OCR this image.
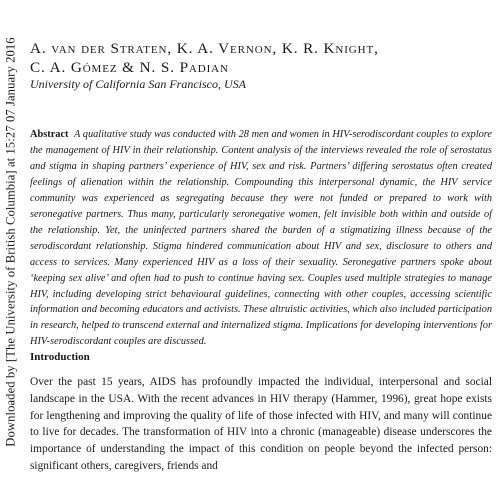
Downloaded by [The University of British Columbia] at 15:27 07 January 2016 A. van der Straten, K. A. Vernon, K. R. Knight,
C. A. Gómez & N. S. Padian
University of California San Francisco, USA

Abstract A qualitative study was conducted with 28 men and women in HIV-serodiscordant couples to explore the management of HIV in their relationship. Content analysis of the interviews revealed the role of serostatus and stigma in shaping partners’ experience of HIV, sex and risk. Partners’ differing serostatus often created feelings of alienation within the relationship. Compounding this interpersonal dynamic, the HIV service community was experienced as segregating because they were not funded or prepared to work with seronegative partners. Thus many, particularly seronegative women, felt invisible both within and outside of the relationship. Yet, the uninfected partners shared the burden of a stigmatizing illness because of the serodiscordant relationship. Stigma hindered communication about HIV and sex, disclosure to others and access to services. Many experienced HIV as a loss of their sexuality. Seronegative partners spoke about ‘keeping sex alive’ and often had to push to continue having sex. Couples used multiple strategies to manage HIV, including developing strict behavioural guidelines, connecting with other couples, accessing scientific information and becoming educators and activists. These altruistic activities, which also included participation in research, helped to transcend external and internalized stigma. Implications for developing interventions for HIV-serodiscordant couples are discussed.

Introduction

Over the past 15 years, AIDS has profoundly impacted the individual, interpersonal and social landscape in the USA. With the recent advances in HIV therapy (Hammer, 1996), great hope exists for lengthening and improving the quality of life of those infected with HIV, and many will continue to live for decades. The transformation of HIV into a chronic (manageable) disease underscores the importance of understanding the impact of this condition on people beyond the infected person: significant others, caregivers, friends and
